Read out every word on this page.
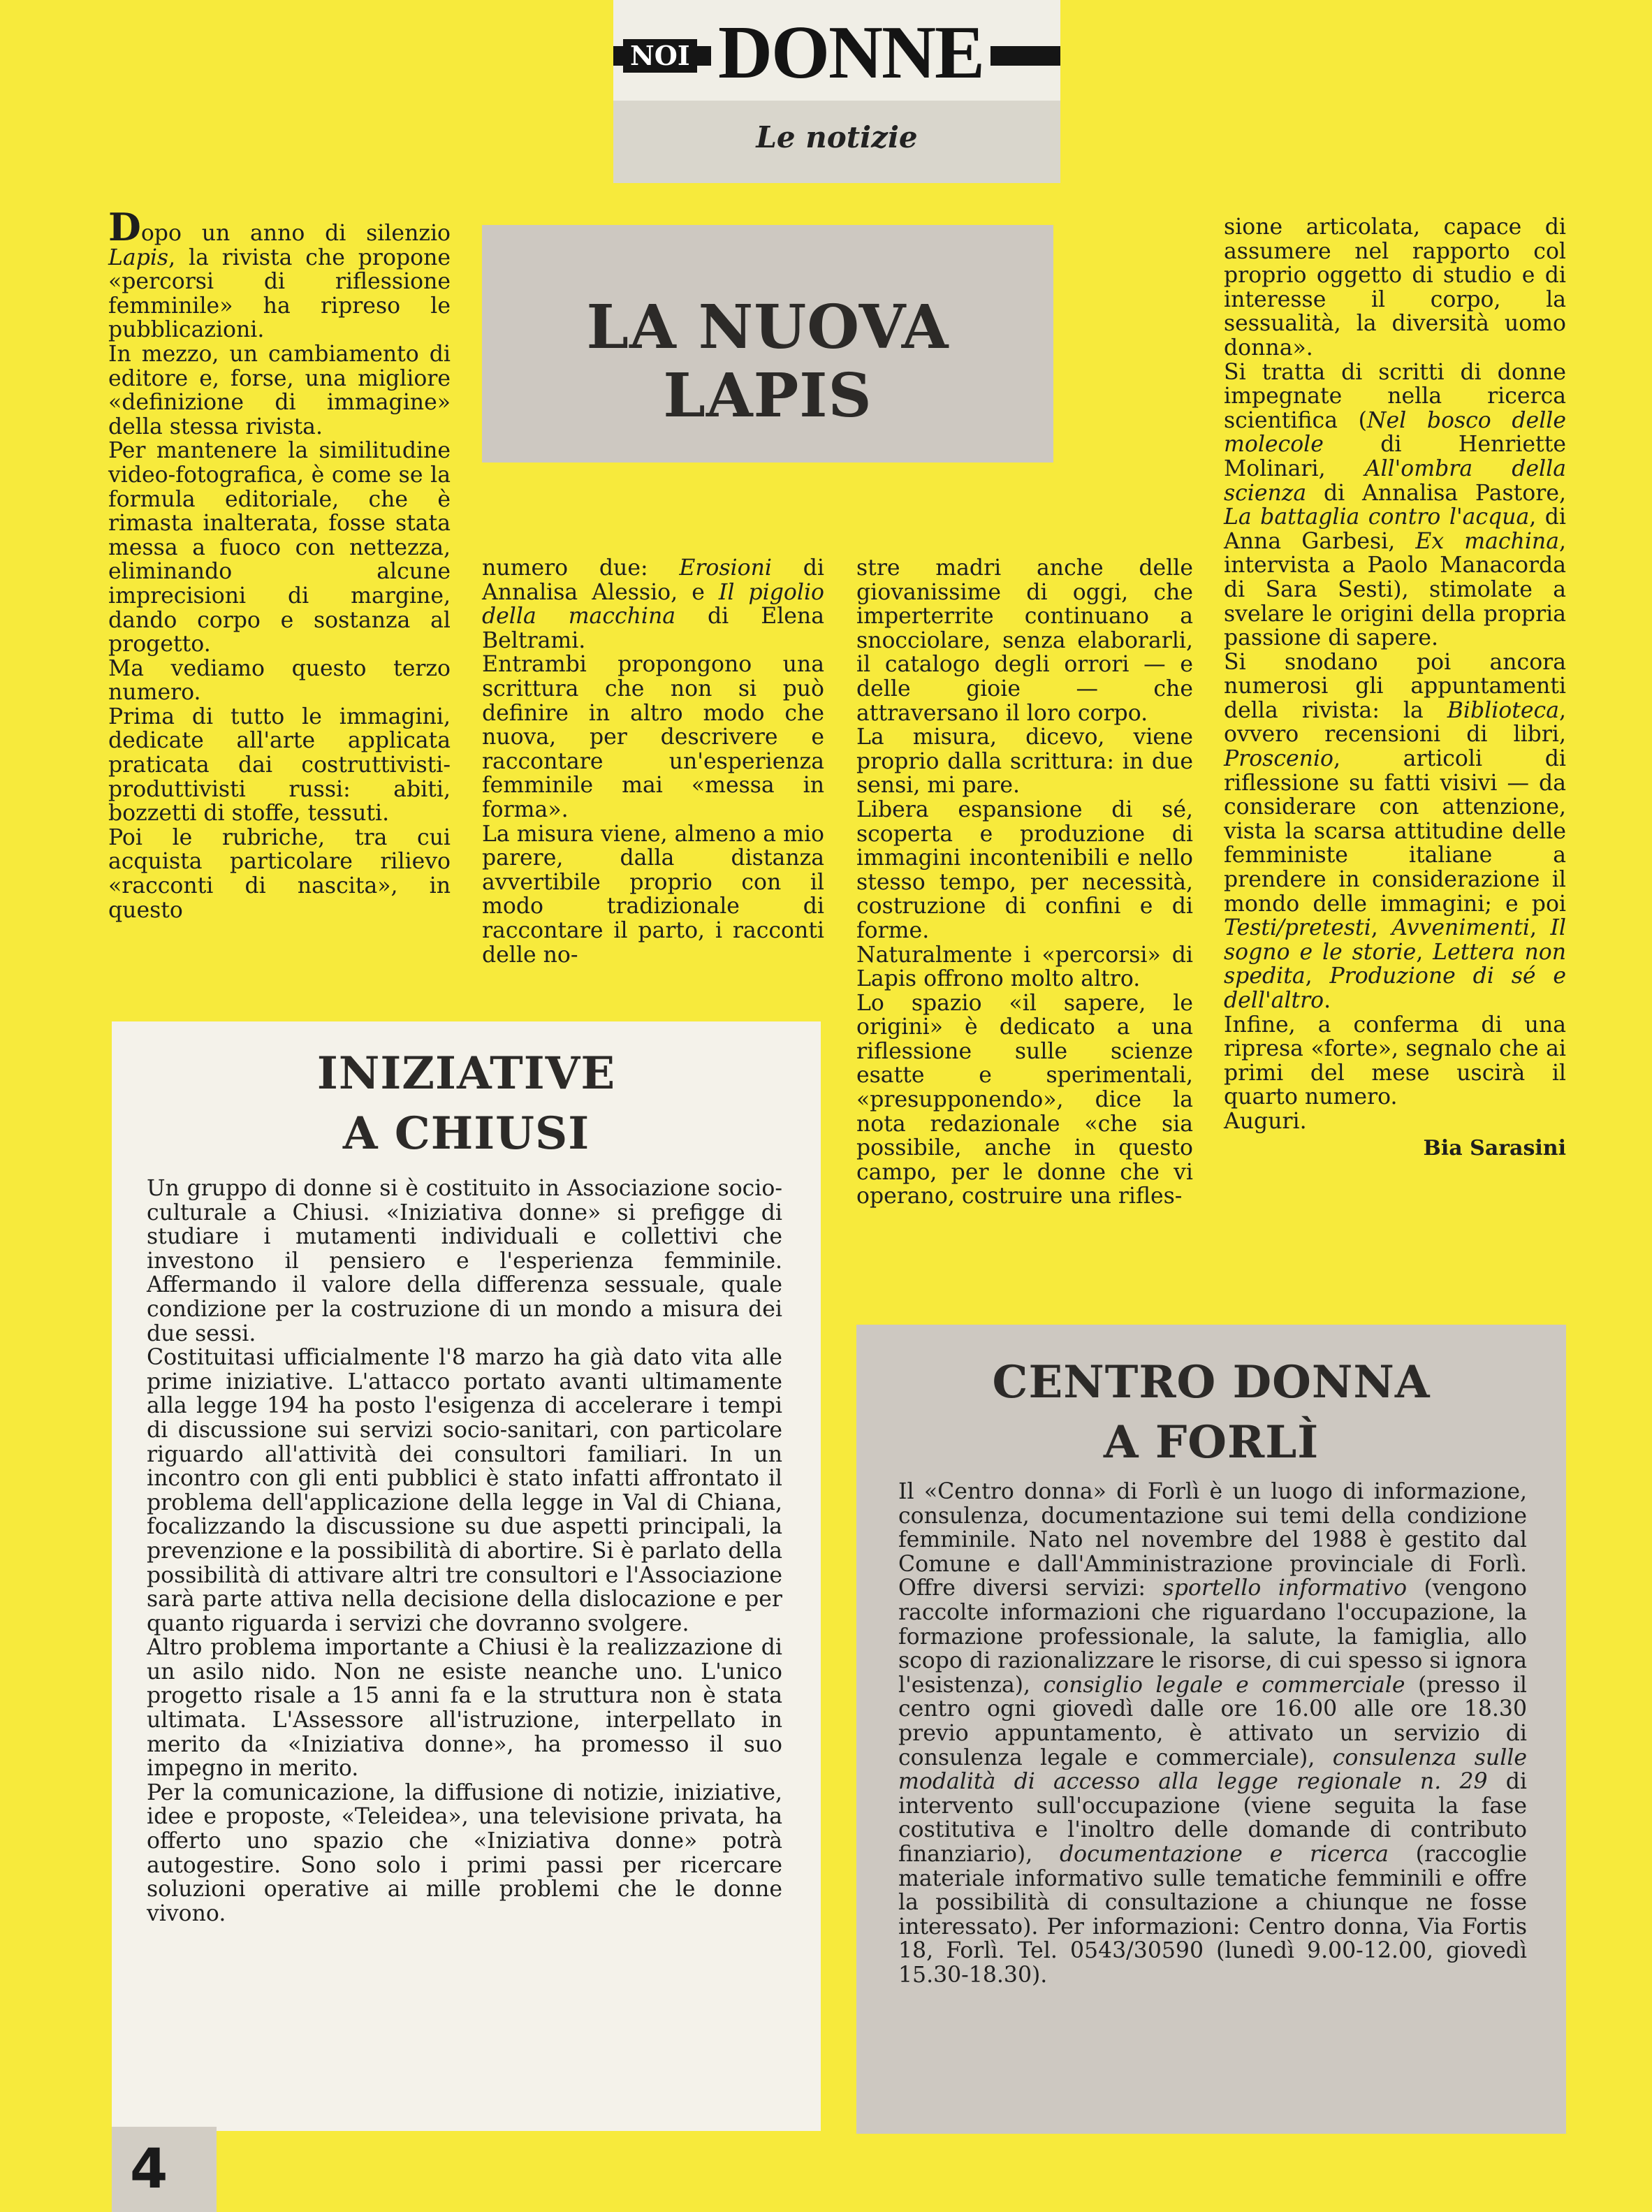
NOI DONNE
Le notizie
LA NUOVA
LAPIS

Dopo un anno di silenzio Lapis, la rivista che propone «percorsi di riflessione femminile» ha ripreso le pubblicazioni.

In mezzo, un cambiamento di editore e, forse, una migliore «definizione di immagine» della stessa rivista.

Per mantenere la similitudine video-fotografica, è come se la formula editoriale, che è rimasta inalterata, fosse stata messa a fuoco con nettezza, eliminando alcune imprecisioni di margine, dando corpo e sostanza al progetto.

Ma vediamo questo terzo numero.

Prima di tutto le immagini, dedicate all'arte applicata praticata dai costruttivisti-produttivisti russi: abiti, bozzetti di stoffe, tessuti.

Poi le rubriche, tra cui acquista particolare rilievo «racconti di nascita», in questo

numero due: Erosioni di Annalisa Alessio, e Il pigolio della macchina di Elena Beltrami.

Entrambi propongono una scrittura che non si può definire in altro modo che nuova, per descrivere e raccontare un'esperienza femminile mai «messa in forma».

La misura viene, almeno a mio parere, dalla distanza avvertibile proprio con il modo tradizionale di raccontare il parto, i racconti delle no-

stre madri anche delle giovanissime di oggi, che imperterrite continuano a snocciolare, senza elaborarli, il catalogo degli orrori — e delle gioie — che attraversano il loro corpo.

La misura, dicevo, viene proprio dalla scrittura: in due sensi, mi pare.

Libera espansione di sé, scoperta e produzione di immagini incontenibili e nello stesso tempo, per necessità, costruzione di confini e di forme.

Naturalmente i «percorsi» di Lapis offrono molto altro.

Lo spazio «il sapere, le origini» è dedicato a una riflessione sulle scienze esatte e sperimentali, «presupponendo», dice la nota redazionale «che sia possibile, anche in questo campo, per le donne che vi operano, costruire una rifles-

sione articolata, capace di assumere nel rapporto col proprio oggetto di studio e di interesse il corpo, la sessualità, la diversità uomo donna».

Si tratta di scritti di donne impegnate nella ricerca scientifica (Nel bosco delle molecole di Henriette Molinari, All'ombra della scienza di Annalisa Pastore, La battaglia contro l'acqua, di Anna Garbesi, Ex machina, intervista a Paolo Manacorda di Sara Sesti), stimolate a svelare le origini della propria passione di sapere.

Si snodano poi ancora numerosi gli appuntamenti della rivista: la Biblioteca, ovvero recensioni di libri, Proscenio, articoli di riflessione su fatti visivi — da considerare con attenzione, vista la scarsa attitudine delle femministe italiane a prendere in considerazione il mondo delle immagini; e poi Testi/pretesti, Avvenimenti, Il sogno e le storie, Lettera non spedita, Produzione di sé e dell'altro.

Infine, a conferma di una ripresa «forte», segnalo che ai primi del mese uscirà il quarto numero.

Auguri.

Bia Sarasini

INIZIATIVE
A CHIUSI

Un gruppo di donne si è costituito in Associazione socio-culturale a Chiusi. «Iniziativa donne» si prefigge di studiare i mutamenti individuali e collettivi che investono il pensiero e l'esperienza femminile. Affermando il valore della differenza sessuale, quale condizione per la costruzione di un mondo a misura dei due sessi.

Costituitasi ufficialmente l'8 marzo ha già dato vita alle prime iniziative. L'attacco portato avanti ultimamente alla legge 194 ha posto l'esigenza di accelerare i tempi di discussione sui servizi socio-sanitari, con particolare riguardo all'attività dei consultori familiari. In un incontro con gli enti pubblici è stato infatti affrontato il problema dell'applicazione della legge in Val di Chiana, focalizzando la discussione su due aspetti principali, la prevenzione e la possibilità di abortire. Si è parlato della possibilità di attivare altri tre consultori e l'Associazione sarà parte attiva nella decisione della dislocazione e per quanto riguarda i servizi che dovranno svolgere.

Altro problema importante a Chiusi è la realizzazione di un asilo nido. Non ne esiste neanche uno. L'unico progetto risale a 15 anni fa e la struttura non è stata ultimata. L'Assessore all'istruzione, interpellato in merito da «Iniziativa donne», ha promesso il suo impegno in merito.

Per la comunicazione, la diffusione di notizie, iniziative, idee e proposte, «Teleidea», una televisione privata, ha offerto uno spazio che «Iniziativa donne» potrà autogestire. Sono solo i primi passi per ricercare soluzioni operative ai mille problemi che le donne vivono.

CENTRO DONNA
A FORLÌ

Il «Centro donna» di Forlì è un luogo di informazione, consulenza, documentazione sui temi della condizione femminile. Nato nel novembre del 1988 è gestito dal Comune e dall'Amministrazione provinciale di Forlì. Offre diversi servizi: sportello informativo (vengono raccolte informazioni che riguardano l'occupazione, la formazione professionale, la salute, la famiglia, allo scopo di razionalizzare le risorse, di cui spesso si ignora l'esistenza), consiglio legale e commerciale (presso il centro ogni giovedì dalle ore 16.00 alle ore 18.30 previo appuntamento, è attivato un servizio di consulenza legale e commerciale), consulenza sulle modalità di accesso alla legge regionale n. 29 di intervento sull'occupazione (viene seguita la fase costitutiva e l'inoltro delle domande di contributo finanziario), documentazione e ricerca (raccoglie materiale informativo sulle tematiche femminili e offre la possibilità di consultazione a chiunque ne fosse interessato). Per informazioni: Centro donna, Via Fortis 18, Forlì. Tel. 0543/30590 (lunedì 9.00-12.00, giovedì 15.30-18.30).

4
